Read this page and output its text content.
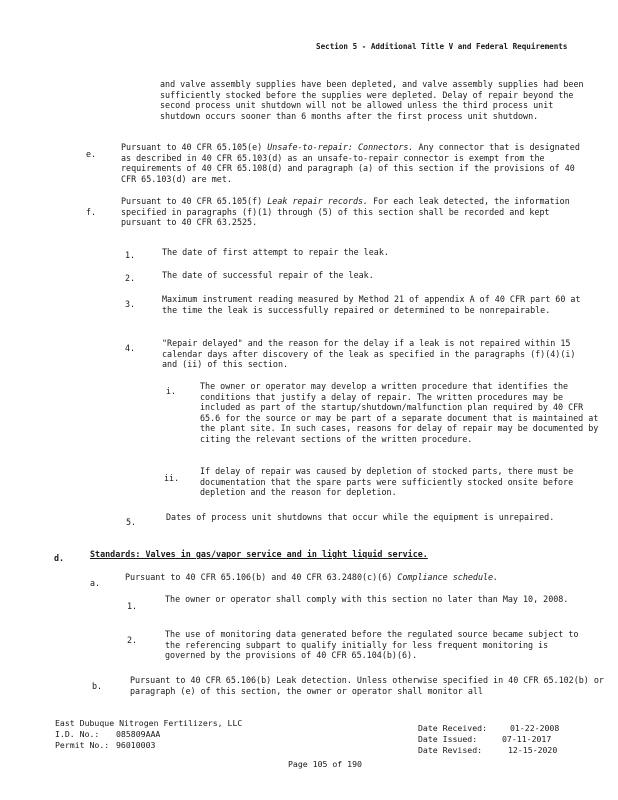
Section 5 - Additional Title V and Federal Requirements

and valve assembly supplies have been depleted, and valve assembly supplies had been sufficiently stocked before the supplies were depleted. Delay of repair beyond the second process unit shutdown will not be allowed unless the third process unit shutdown occurs sooner than 6 months after the first process unit shutdown.

e.

Pursuant to 40 CFR 65.105(e) Unsafe-to-repair: Connectors. Any connector that is designated as described in 40 CFR 65.103(d) as an unsafe-to-repair connector is exempt from the requirements of 40 CFR 65.108(d) and paragraph (a) of this section if the provisions of 40 CFR 65.103(d) are met.

f.

Pursuant to 40 CFR 65.105(f) Leak repair records. For each leak detected, the information specified in paragraphs (f)(1) through (5) of this section shall be recorded and kept pursuant to 40 CFR 63.2525.

1.	The date of first attempt to repair the leak.

2.	The date of successful repair of the leak.

3.	Maximum instrument reading measured by Method 21 of appendix A of 40 CFR part 60 at the time the leak is successfully repaired or determined to be nonrepairable.

4.	"Repair delayed" and the reason for the delay if a leak is not repaired within 15 calendar days after discovery of the leak as specified in the paragraphs (f)(4)(i) and (ii) of this section.

i.	The owner or operator may develop a written procedure that identifies the conditions that justify a delay of repair. The written procedures may be included as part of the startup/shutdown/malfunction plan required by 40 CFR 65.6 for the source or may be part of a separate document that is maintained at the plant site. In such cases, reasons for delay of repair may be documented by citing the relevant sections of the written procedure.

ii.

If delay of repair was caused by depletion of stocked parts, there must be documentation that the spare parts were sufficiently stocked onsite before depletion and the reason for depletion.

5.	Dates of process unit shutdowns that occur while the equipment is unrepaired.

d.	Standards: Valves in gas/vapor service and in light liquid service.
a.

Pursuant to 40 CFR 65.106(b) and 40 CFR 63.2480(c)(6) Compliance schedule.

1.

The owner or operator shall comply with this section no later than May 10, 2008.

2.

The use of monitoring data generated before the regulated source became subject to the referencing subpart to qualify initially for less frequent monitoring is governed by the provisions of 40 CFR 65.104(b)(6).

b.

Pursuant to 40 CFR 65.106(b) Leak detection. Unless otherwise specified in 40 CFR 65.102(b) or paragraph (e) of this section, the owner or operator shall monitor all

East Dubuque Nitrogen Fertilizers, LLC
I.D. No.: 085809AAA
Permit No.: 96010003
Date Received:	01-22-2008
Date Issued:	07-11-2017
Date Revised:	12-15-2020
Page 105 of 190
